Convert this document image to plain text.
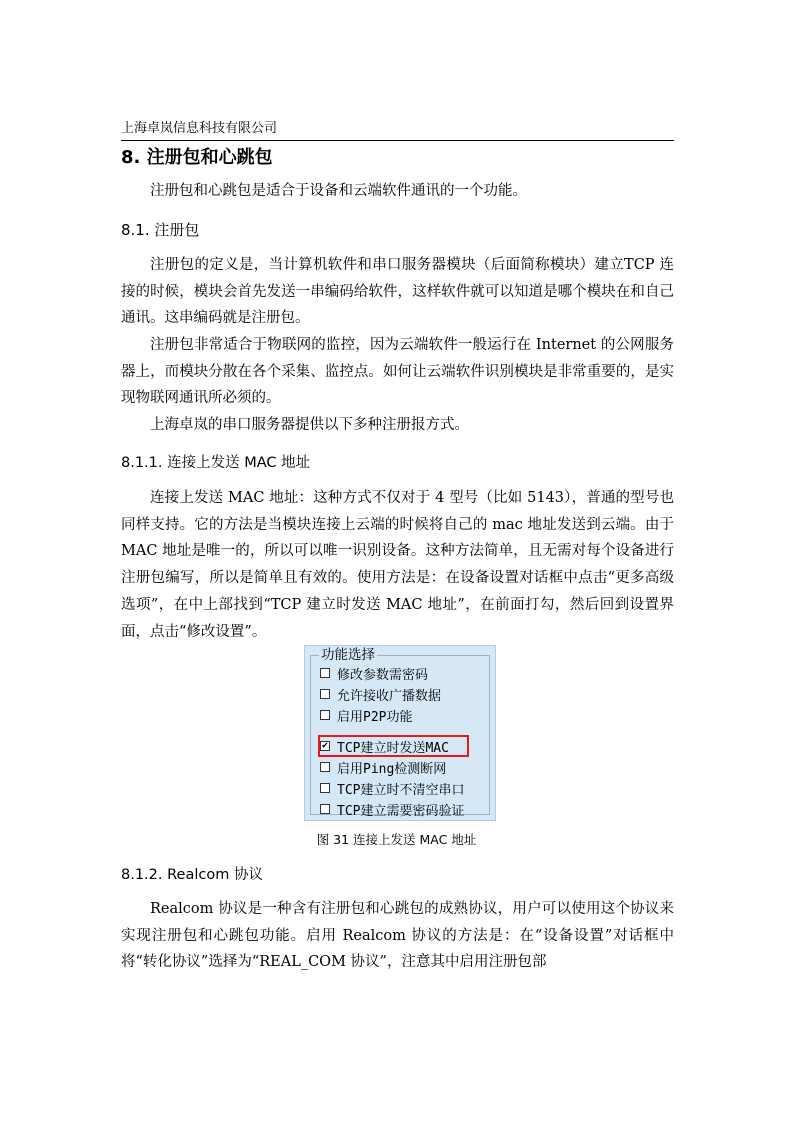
上海卓岚信息科技有限公司
8. 注册包和心跳包

注册包和心跳包是适合于设备和云端软件通讯的一个功能。

8.1. 注册包

注册包的定义是，当计算机软件和串口服务器模块（后面简称模块）建立TCP 连接的时候，模块会首先发送一串编码给软件，这样软件就可以知道是哪个模块在和自己通讯。这串编码就是注册包。

注册包非常适合于物联网的监控，因为云端软件一般运行在 Internet 的公网服务器上，而模块分散在各个采集、监控点。如何让云端软件识别模块是非常重要的，是实现物联网通讯所必须的。

上海卓岚的串口服务器提供以下多种注册报方式。

8.1.1. 连接上发送 MAC 地址

连接上发送 MAC 地址：这种方式不仅对于 4 型号（比如 5143），普通的型号也同样支持。它的方法是当模块连接上云端的时候将自己的 mac 地址发送到云端。由于 MAC 地址是唯一的，所以可以唯一识别设备。这种方法简单，且无需对每个设备进行注册包编写，所以是简单且有效的。使用方法是：在设备设置对话框中点击“更多高级选项”，在中上部找到“TCP 建立时发送 MAC 地址”，在前面打勾，然后回到设置界面，点击“修改设置”。

功能选择
修改参数需密码
允许接收广播数据
启用P2P功能
✔ TCP建立时发送MAC
启用Ping检测断网
TCP建立时不清空串口
TCP建立需要密码验证
图 31 连接上发送 MAC 地址
8.1.2. Realcom 协议

Realcom 协议是一种含有注册包和心跳包的成熟协议，用户可以使用这个协议来实现注册包和心跳包功能。启用 Realcom 协议的方法是：在“设备设置”对话框中将“转化协议”选择为“REAL_COM 协议”，注意其中启用注册包部
